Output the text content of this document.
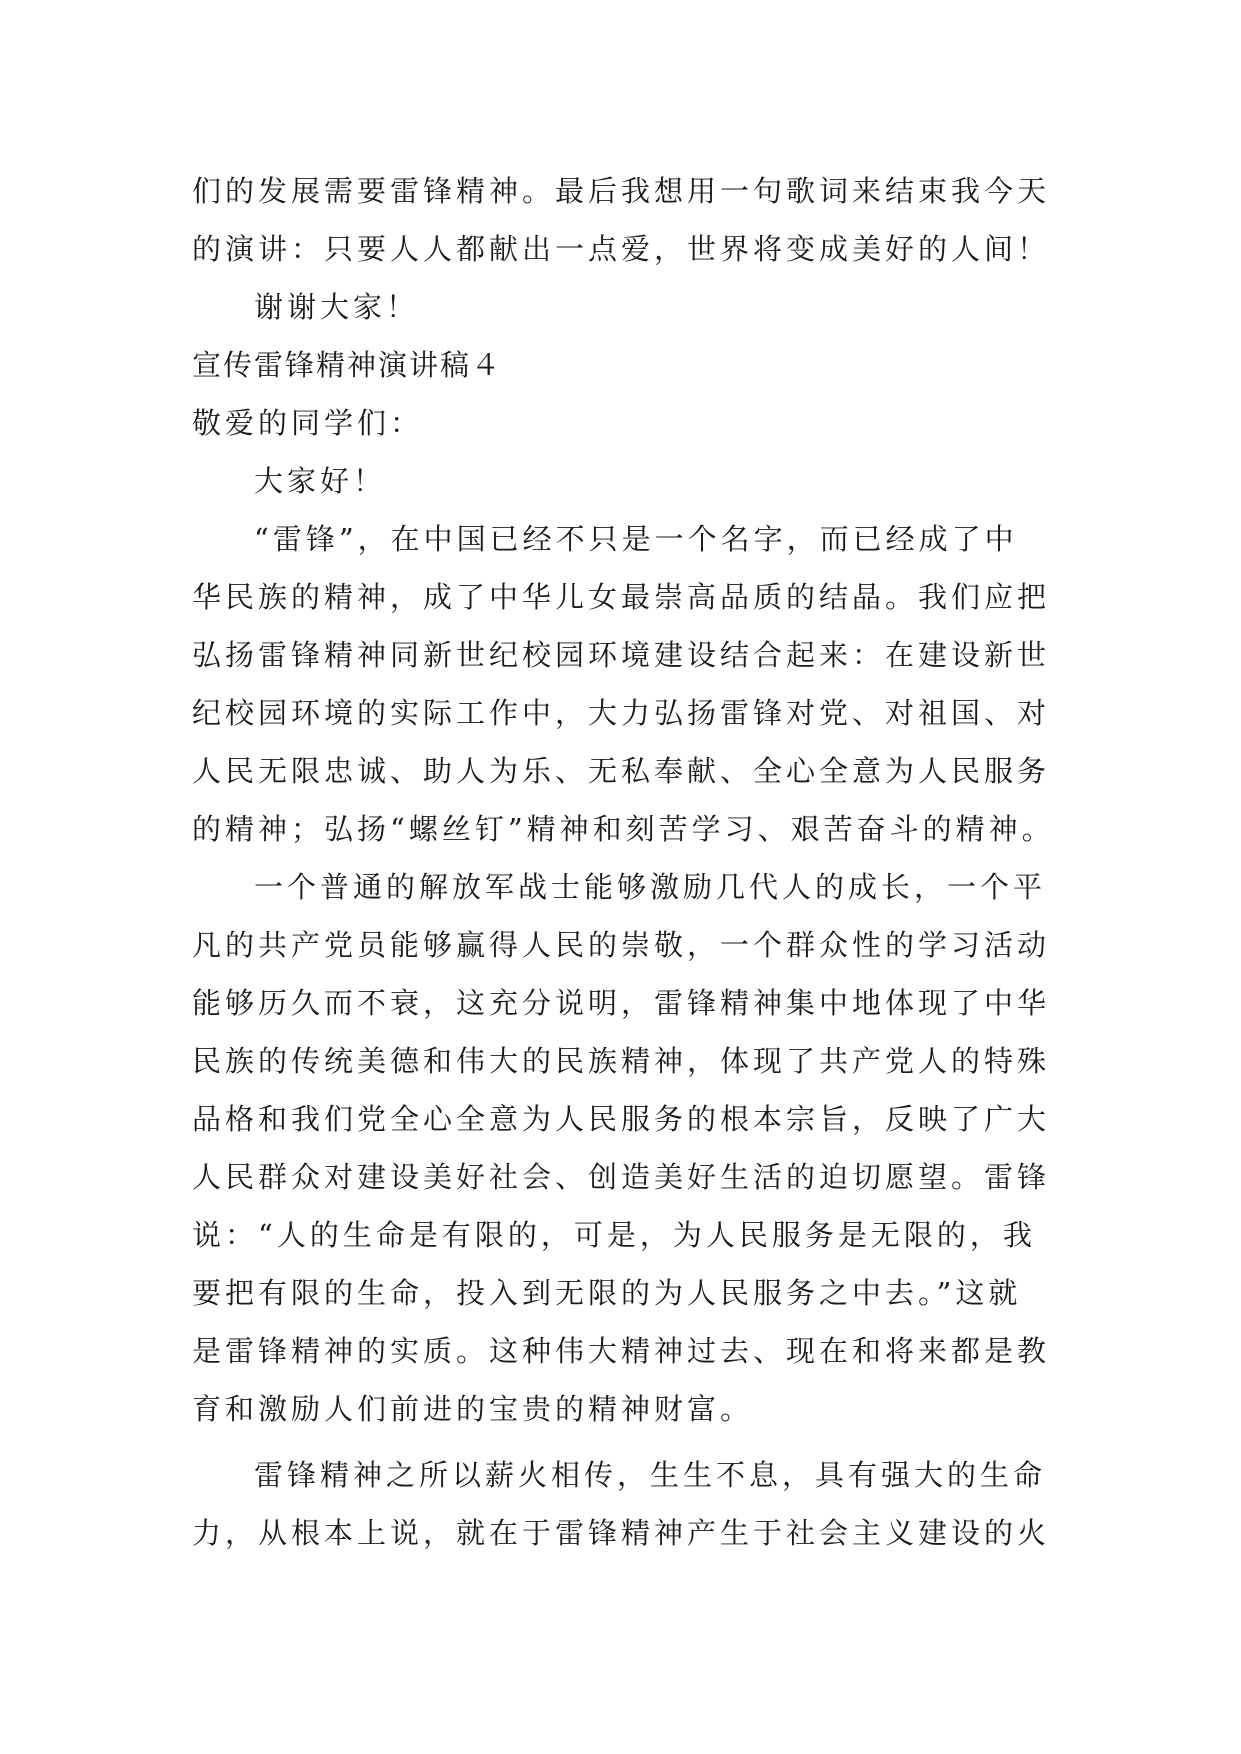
们的发展需要雷锋精神。最后我想用一句歌词来结束我今天
的演讲：只要人人都献出一点爱，世界将变成美好的人间！
谢谢大家！
宣传雷锋精神演讲稿４
敬爱的同学们：
大家好！
“雷锋”，在中国已经不只是一个名字，而已经成了中
华民族的精神，成了中华儿女最崇高品质的结晶。我们应把
弘扬雷锋精神同新世纪校园环境建设结合起来：在建设新世
纪校园环境的实际工作中，大力弘扬雷锋对党、对祖国、对
人民无限忠诚、助人为乐、无私奉献、全心全意为人民服务
的精神；弘扬“螺丝钉”精神和刻苦学习、艰苦奋斗的精神。
一个普通的解放军战士能够激励几代人的成长，一个平
凡的共产党员能够赢得人民的崇敬，一个群众性的学习活动
能够历久而不衰，这充分说明，雷锋精神集中地体现了中华
民族的传统美德和伟大的民族精神，体现了共产党人的特殊
品格和我们党全心全意为人民服务的根本宗旨，反映了广大
人民群众对建设美好社会、创造美好生活的迫切愿望。雷锋
说：“人的生命是有限的，可是，为人民服务是无限的，我
要把有限的生命，投入到无限的为人民服务之中去。”这就
是雷锋精神的实质。这种伟大精神过去、现在和将来都是教
育和激励人们前进的宝贵的精神财富。
雷锋精神之所以薪火相传，生生不息，具有强大的生命
力，从根本上说，就在于雷锋精神产生于社会主义建设的火
